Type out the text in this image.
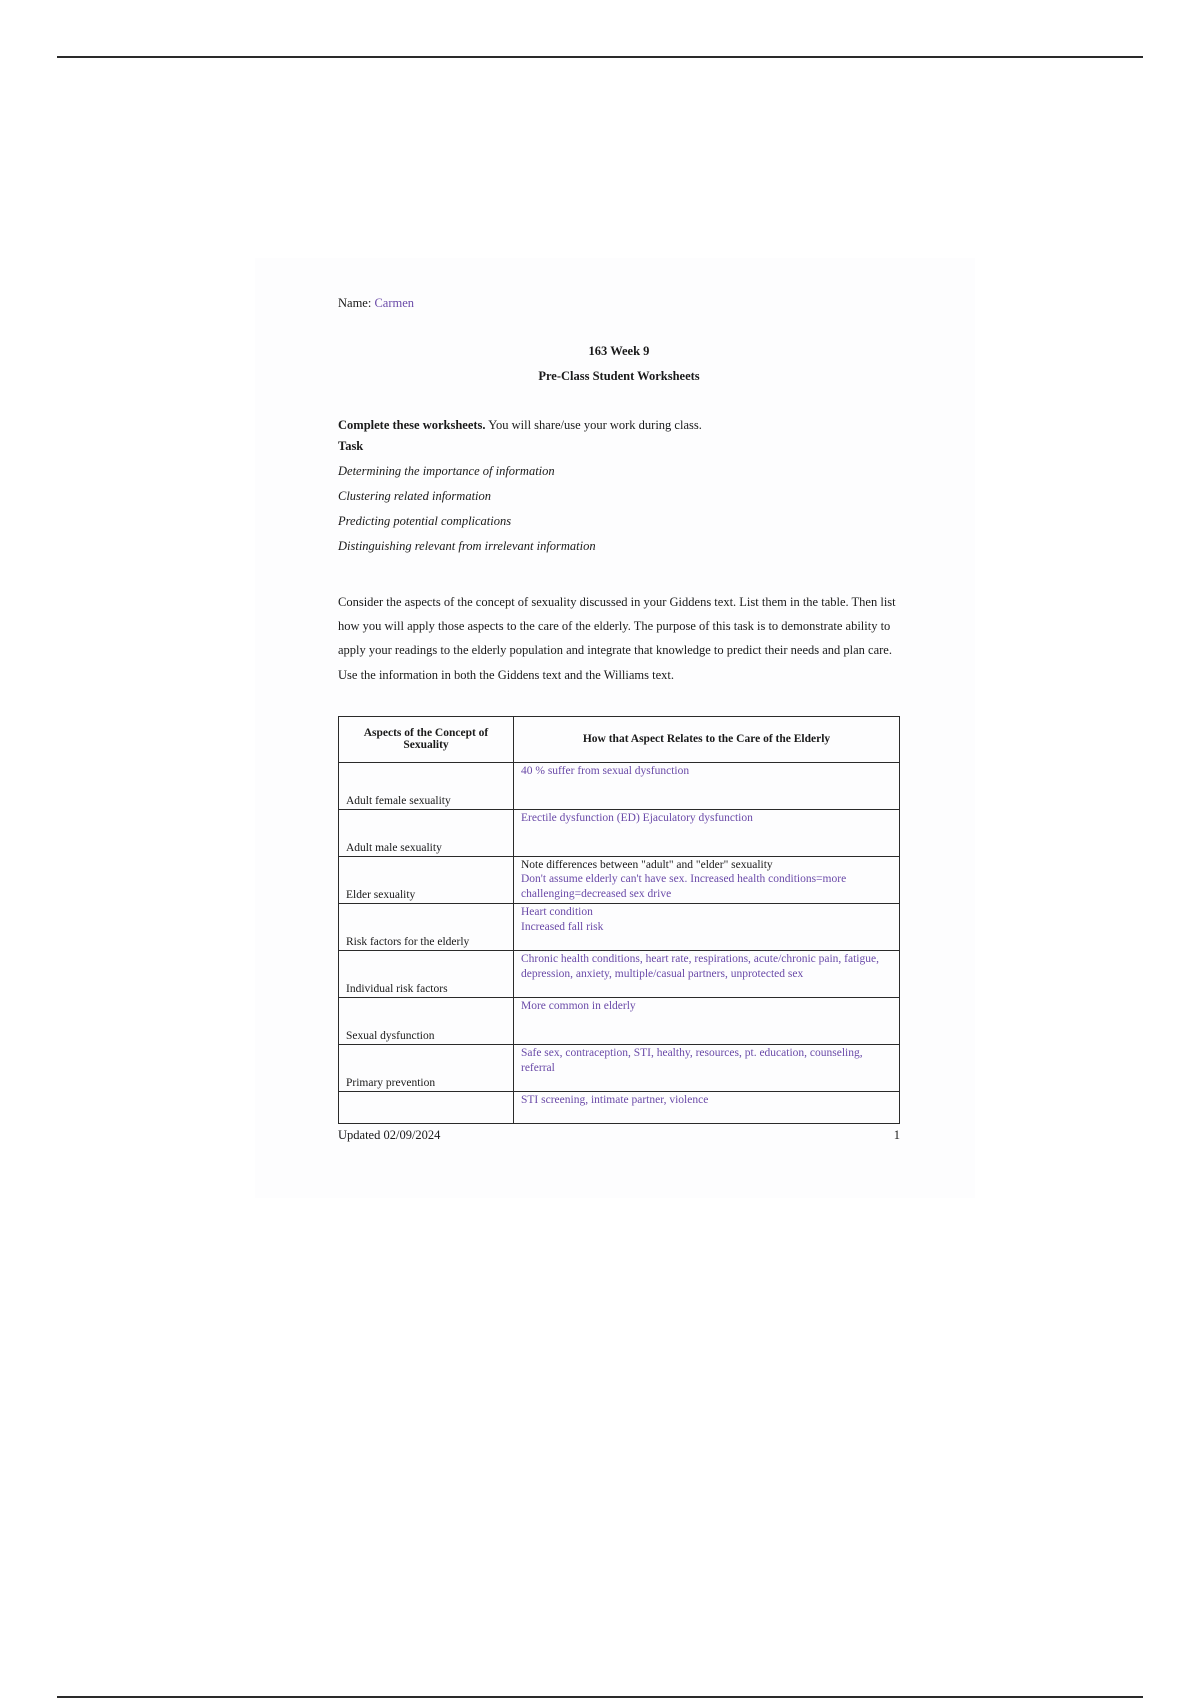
Name: Carmen
163 Week 9
Pre-Class Student Worksheets
Complete these worksheets. You will share/use your work during class.
Task
Determining the importance of information
Clustering related information
Predicting potential complications
Distinguishing relevant from irrelevant information
Consider the aspects of the concept of sexuality discussed in your Giddens text. List them in the table. Then list how you will apply those aspects to the care of the elderly. The purpose of this task is to demonstrate ability to apply your readings to the elderly population and integrate that knowledge to predict their needs and plan care. Use the information in both the Giddens text and the Williams text.
Aspects of the Concept of Sexuality	How that Aspect Relates to the Care of the Elderly
Adult female sexuality	40 % suffer from sexual dysfunction
Adult male sexuality	Erectile dysfunction (ED) Ejaculatory dysfunction
Elder sexuality	Note differences between "adult" and "elder" sexuality
Don't assume elderly can't have sex. Increased health conditions=more challenging=decreased sex drive

Risk factors for the elderly	Heart condition
Increased fall risk
Individual risk factors	Chronic health conditions, heart rate, respirations, acute/chronic pain, fatigue, depression, anxiety, multiple/casual partners, unprotected sex
Sexual dysfunction	More common in elderly
Primary prevention	Safe sex, contraception, STI, healthy, resources, pt. education, counseling, referral
	STI screening, intimate partner, violence
Updated 02/09/2024	1
